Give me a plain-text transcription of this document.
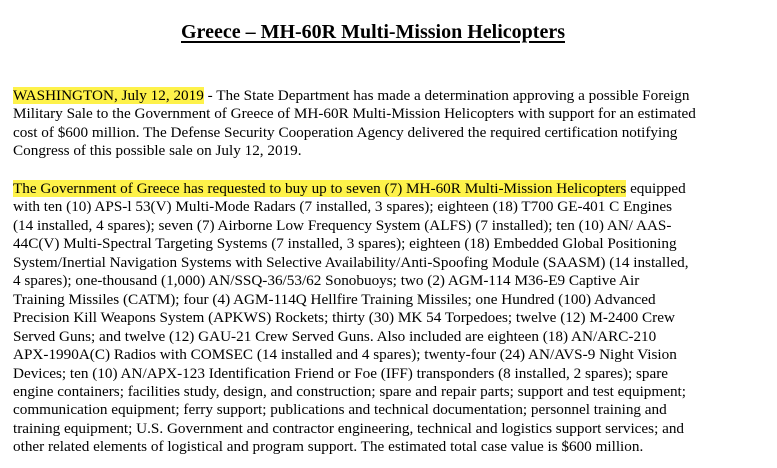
Greece – MH-60R Multi-Mission Helicopters

WASHINGTON, July 12, 2019 - The State Department has made a determination approving a possible Foreign
Military Sale to the Government of Greece of MH-60R Multi-Mission Helicopters with support for an estimated
cost of $600 million. The Defense Security Cooperation Agency delivered the required certification notifying
Congress of this possible sale on July 12, 2019.

The Government of Greece has requested to buy up to seven (7) MH-60R Multi-Mission Helicopters equipped
with ten (10) APS-l 53(V) Multi-Mode Radars (7 installed, 3 spares); eighteen (18) T700 GE-401 C Engines
(14 installed, 4 spares); seven (7) Airborne Low Frequency System (ALFS) (7 installed); ten (10) AN/ AAS-
44C(V) Multi-Spectral Targeting Systems (7 installed, 3 spares); eighteen (18) Embedded Global Positioning
System/Inertial Navigation Systems with Selective Availability/Anti-Spoofing Module (SAASM) (14 installed,
4 spares); one-thousand (1,000) AN/SSQ-36/53/62 Sonobuoys; two (2) AGM-114 M36-E9 Captive Air
Training Missiles (CATM); four (4) AGM-114Q Hellfire Training Missiles; one Hundred (100) Advanced
Precision Kill Weapons System (APKWS) Rockets; thirty (30) MK 54 Torpedoes; twelve (12) M-2400 Crew
Served Guns; and twelve (12) GAU-21 Crew Served Guns. Also included are eighteen (18) AN/ARC-210
APX-1990A(C) Radios with COMSEC (14 installed and 4 spares); twenty-four (24) AN/AVS-9 Night Vision
Devices; ten (10) AN/APX-123 Identification Friend or Foe (IFF) transponders (8 installed, 2 spares); spare
engine containers; facilities study, design, and construction; spare and repair parts; support and test equipment;
communication equipment; ferry support; publications and technical documentation; personnel training and
training equipment; U.S. Government and contractor engineering, technical and logistics support services; and
other related elements of logistical and program support. The estimated total case value is $600 million.
